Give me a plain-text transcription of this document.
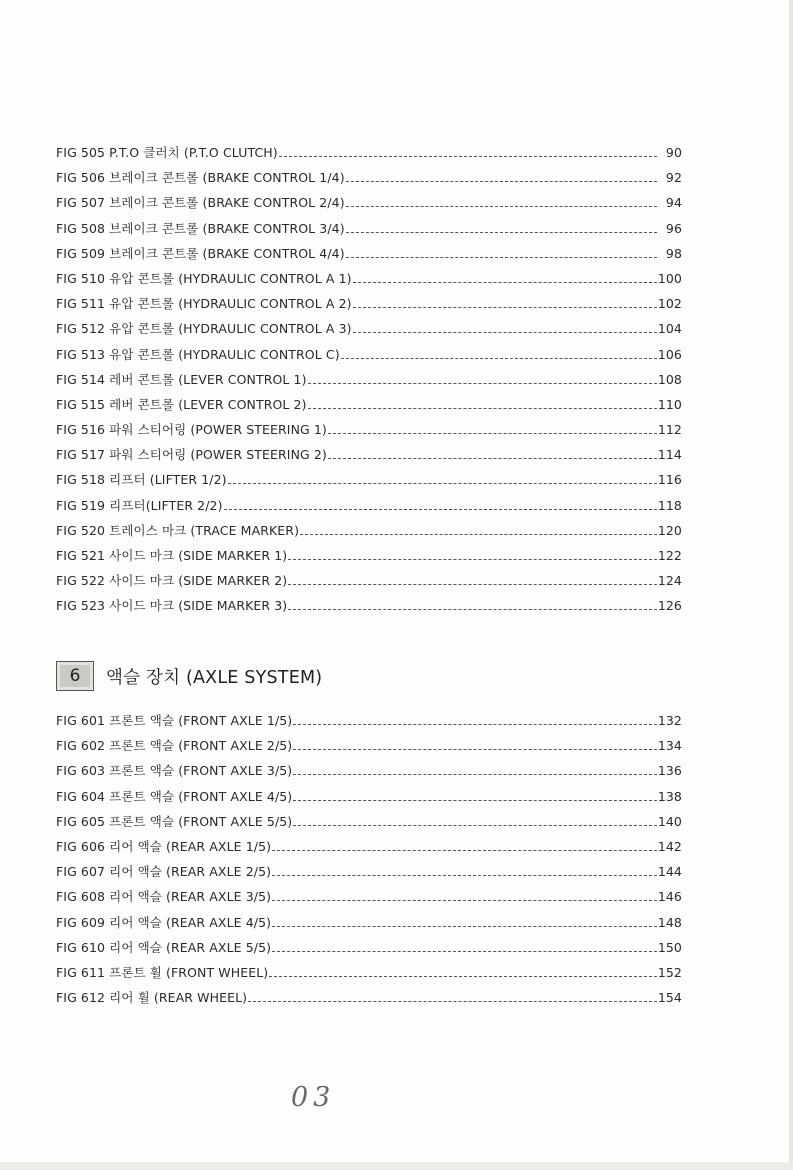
FIG 505 P.T.O 클러치 (P.T.O CLUTCH)	90
FIG 506 브레이크 콘트롤 (BRAKE CONTROL 1/4)	92
FIG 507 브레이크 콘트롤 (BRAKE CONTROL 2/4)	94
FIG 508 브레이크 콘트롤 (BRAKE CONTROL 3/4)	96
FIG 509 브레이크 콘트롤 (BRAKE CONTROL 4/4)	98
FIG 510 유압 콘트롤 (HYDRAULIC CONTROL A 1)	100
FIG 511 유압 콘트롤 (HYDRAULIC CONTROL A 2)	102
FIG 512 유압 콘트롤 (HYDRAULIC CONTROL A 3)	104
FIG 513 유압 콘트롤 (HYDRAULIC CONTROL C)	106
FIG 514 레버 콘트롤 (LEVER CONTROL 1)	108
FIG 515 레버 콘트롤 (LEVER CONTROL 2)	110
FIG 516 파워 스티어링 (POWER STEERING 1)	112
FIG 517 파워 스티어링 (POWER STEERING 2)	114
FIG 518 리프터 (LIFTER 1/2)	116
FIG 519 리프터(LIFTER 2/2)	118
FIG 520 트레이스 마크 (TRACE MARKER)	120
FIG 521 사이드 마크 (SIDE MARKER 1)	122
FIG 522 사이드 마크 (SIDE MARKER 2)	124
FIG 523 사이드 마크 (SIDE MARKER 3)	126
6	액슬 장치 (AXLE SYSTEM)
FIG 601 프론트 액슬 (FRONT AXLE 1/5)	132
FIG 602 프론트 액슬 (FRONT AXLE 2/5)	134
FIG 603 프론트 액슬 (FRONT AXLE 3/5)	136
FIG 604 프론트 액슬 (FRONT AXLE 4/5)	138
FIG 605 프론트 액슬 (FRONT AXLE 5/5)	140
FIG 606 리어 액슬 (REAR AXLE 1/5)	142
FIG 607 리어 액슬 (REAR AXLE 2/5)	144
FIG 608 리어 액슬 (REAR AXLE 3/5)	146
FIG 609 리어 액슬 (REAR AXLE 4/5)	148
FIG 610 리어 액슬 (REAR AXLE 5/5)	150
FIG 611 프론트 휠 (FRONT WHEEL)	152
FIG 612 리어 휠 (REAR WHEEL)	154
03
